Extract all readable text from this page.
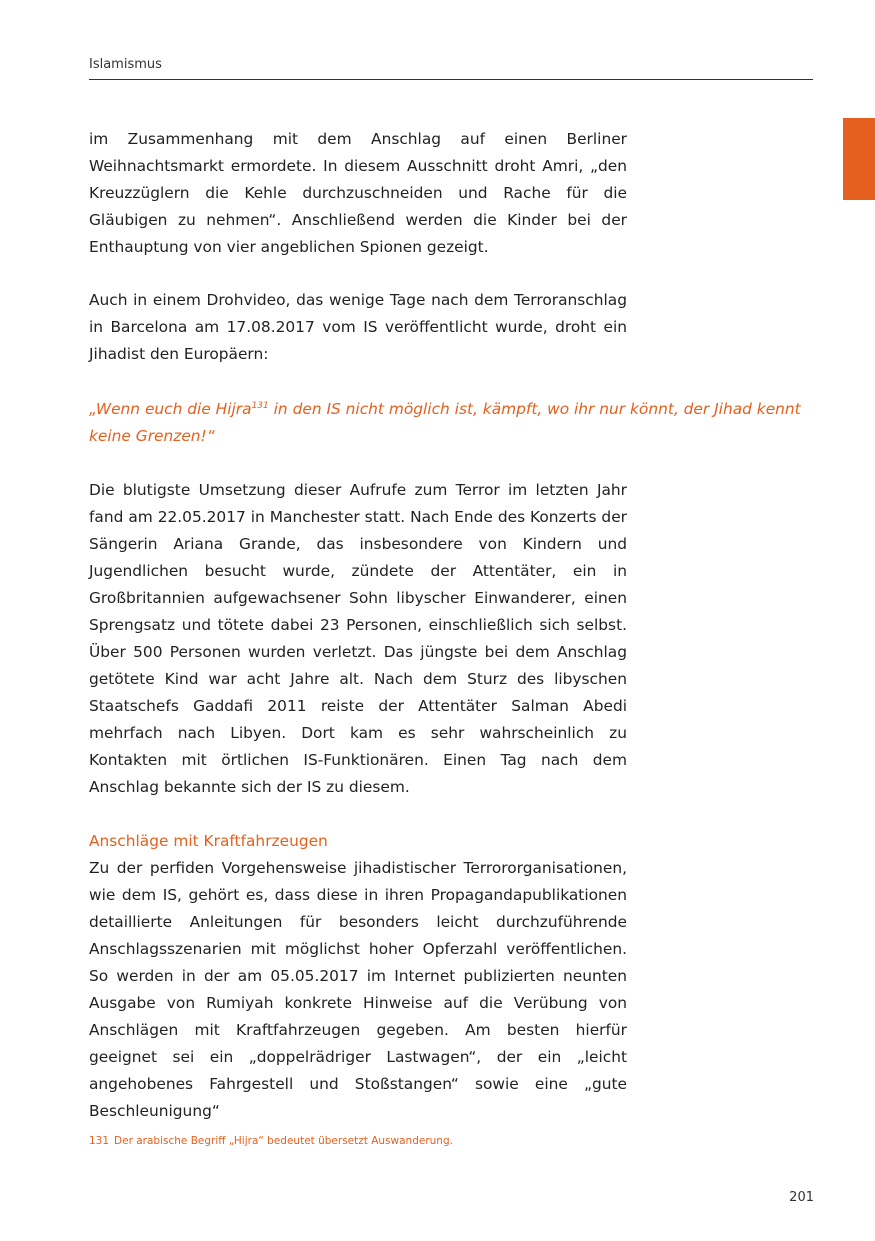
Islamismus

im Zusammenhang mit dem Anschlag auf einen Berliner Weihnachtsmarkt ermordete. In diesem Ausschnitt droht Amri, „den Kreuzzüglern die Kehle durchzuschneiden und Rache für die Gläubigen zu nehmen“. Anschließend werden die Kinder bei der Enthauptung von vier angeblichen Spionen gezeigt.

Auch in einem Drohvideo, das wenige Tage nach dem Terroranschlag in Barcelona am 17.08.2017 vom IS veröffentlicht wurde, droht ein Jihadist den Europäern:

„Wenn euch die Hijra$^{131}$ in den IS nicht möglich ist, kämpft, wo ihr nur könnt, der Jihad kennt keine Grenzen!“

Die blutigste Umsetzung dieser Aufrufe zum Terror im letzten Jahr fand am 22.05.2017 in Manchester statt. Nach Ende des Konzerts der Sängerin Ariana Grande, das insbesondere von Kindern und Jugendlichen besucht wurde, zündete der Attentäter, ein in Großbritannien aufgewachsener Sohn libyscher Einwanderer, einen Sprengsatz und tötete dabei 23 Personen, einschließlich sich selbst. Über 500 Personen wurden verletzt. Das jüngste bei dem Anschlag getötete Kind war acht Jahre alt. Nach dem Sturz des libyschen Staatschefs Gaddafi 2011 reiste der Attentäter Salman Abedi mehrfach nach Libyen. Dort kam es sehr wahrscheinlich zu Kontakten mit örtlichen IS-Funktionären. Einen Tag nach dem Anschlag bekannte sich der IS zu diesem.

Anschläge mit Kraftfahrzeugen

Zu der perfiden Vorgehensweise jihadistischer Terrororganisationen, wie dem IS, gehört es, dass diese in ihren Propagandapublikationen detaillierte Anleitungen für besonders leicht durchzuführende Anschlagsszenarien mit möglichst hoher Opferzahl veröffentlichen. So werden in der am 05.05.2017 im Internet publizierten neunten Ausgabe von Rumiyah konkrete Hinweise auf die Verübung von Anschlägen mit Kraftfahrzeugen gegeben. Am besten hierfür geeignet sei ein „doppelrädriger Lastwagen“, der ein „leicht angehobenes Fahrgestell und Stoßstangen“ sowie eine „gute Beschleunigung“

131 Der arabische Begriff „Hijra“ bedeutet übersetzt Auswanderung.
201
